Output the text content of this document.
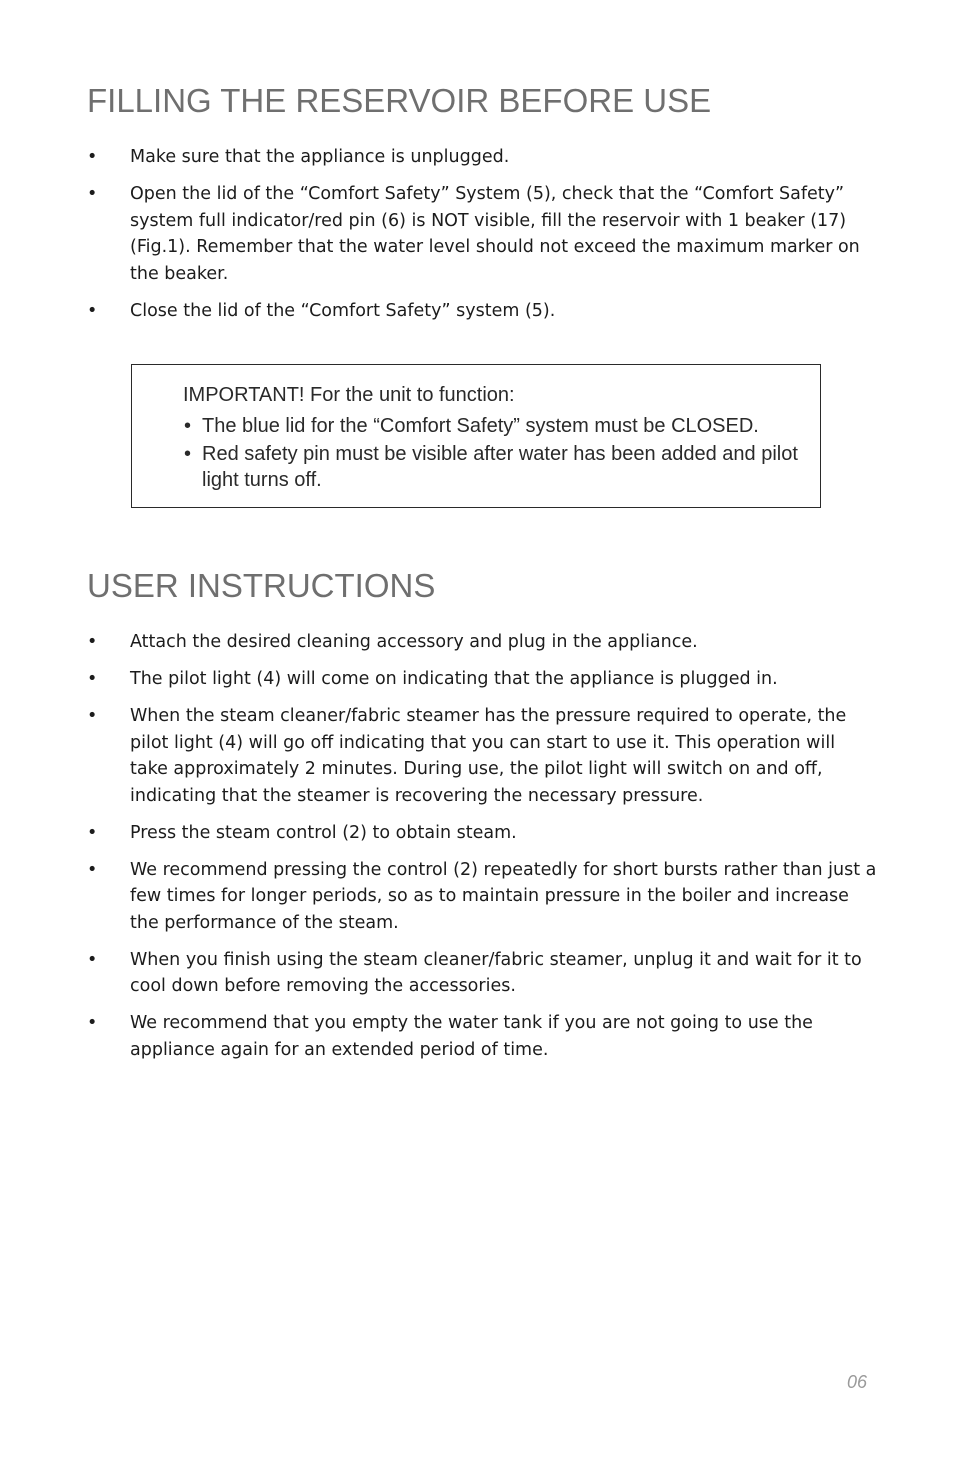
FILLING THE RESERVOIR BEFORE USE
• Make sure that the appliance is unplugged.
• Open the lid of the “Comfort Safety” System (5), check that the “Comfort Safety” system full indicator/red pin (6) is NOT visible, fill the reservoir with 1 beaker (17) (Fig.1). Remember that the water level should not exceed the maximum marker on the beaker.
• Close the lid of the “Comfort Safety” system (5).
IMPORTANT! For the unit to function:
• The blue lid for the “Comfort Safety” system must be CLOSED.
• Red safety pin must be visible after water has been added and pilot light turns off.
USER INSTRUCTIONS
• Attach the desired cleaning accessory and plug in the appliance.
• The pilot light (4) will come on indicating that the appliance is plugged in.
• When the steam cleaner/fabric steamer has the pressure required to operate, the pilot light (4) will go off indicating that you can start to use it. This operation will take approximately 2 minutes. During use, the pilot light will switch on and off, indicating that the steamer is recovering the necessary pressure.
• Press the steam control (2) to obtain steam.
• We recommend pressing the control (2) repeatedly for short bursts rather than just a few times for longer periods, so as to maintain pressure in the boiler and increase the performance of the steam.
• When you finish using the steam cleaner/fabric steamer, unplug it and wait for it to cool down before removing the accessories.
• We recommend that you empty the water tank if you are not going to use the appliance again for an extended period of time.
06
